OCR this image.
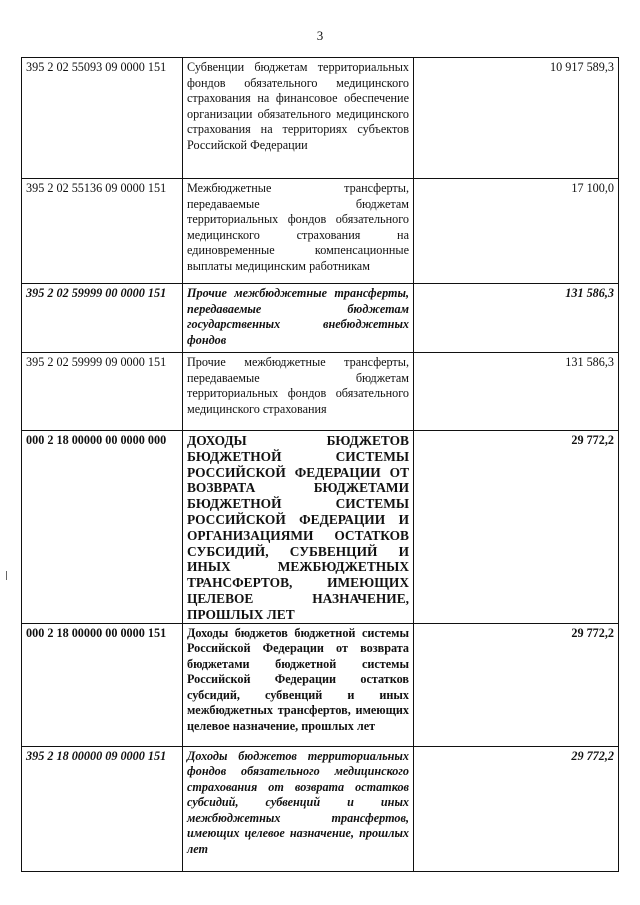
3
395 2 02 55093 09 0000 151	Субвенции бюджетам территориальных фондов обязательного медицинского страхования на финансовое обеспечение организации обязательного медицинского страхования на территориях субъектов Российской Федерации	10 917 589,3
395 2 02 55136 09 0000 151	Межбюджетные трансферты, передаваемые бюджетам территориальных фондов обязательного медицинского страхования на единовременные компенсационные выплаты медицинским работникам	17 100,0
395 2 02 59999 00 0000 151	Прочие межбюджетные трансферты, передаваемые бюджетам государственных внебюджетных фондов	131 586,3
395 2 02 59999 09 0000 151	Прочие межбюджетные трансферты, передаваемые бюджетам территориальных фондов обязательного медицинского страхования	131 586,3
000 2 18 00000 00 0000 000	ДОХОДЫ БЮДЖЕТОВ БЮДЖЕТНОЙ СИСТЕМЫ РОССИЙСКОЙ ФЕДЕРАЦИИ ОТ ВОЗВРАТА БЮДЖЕТАМИ БЮДЖЕТНОЙ СИСТЕМЫ РОССИЙСКОЙ ФЕДЕРАЦИИ И ОРГАНИЗАЦИЯМИ ОСТАТКОВ СУБСИДИЙ, СУБВЕНЦИЙ И ИНЫХ МЕЖБЮДЖЕТНЫХ ТРАНСФЕРТОВ, ИМЕЮЩИХ ЦЕЛЕВОЕ НАЗНАЧЕНИЕ, ПРОШЛЫХ ЛЕТ	29 772,2
000 2 18 00000 00 0000 151	Доходы бюджетов бюджетной системы Российской Федерации от возврата бюджетами бюджетной системы Российской Федерации остатков субсидий, субвенций и иных межбюджетных трансфертов, имеющих целевое назначение, прошлых лет	29 772,2
395 2 18 00000 09 0000 151	Доходы бюджетов территориальных фондов обязательного медицинского страхования от возврата остатков субсидий, субвенций и иных межбюджетных трансфертов, имеющих целевое назначение, прошлых лет	29 772,2
